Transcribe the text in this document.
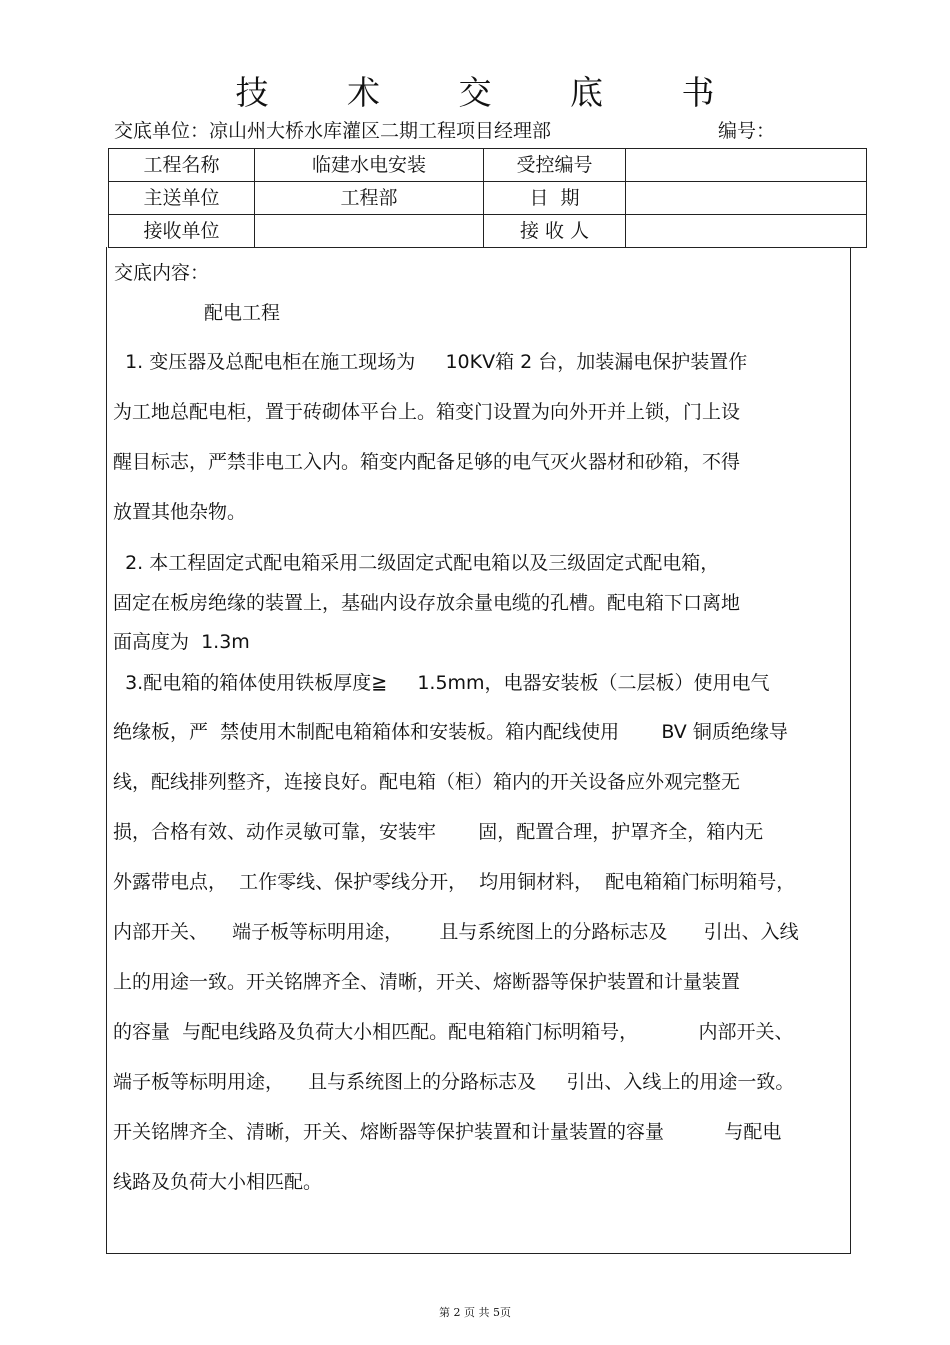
技 术 交 底 书
交底单位：凉山州大桥水库灌区二期工程项目经理部	编号：
工程名称	临建水电安装	受控编号	
主送单位	工程部	日  期	
接收单位		接 收 人	
交底内容：
配电工程
1. 变压器及总配电柜在施工现场为     10KV箱 2 台，加装漏电保护装置作
为工地总配电柜，置于砖砌体平台上。箱变门设置为向外开并上锁，门上设
醒目标志，严禁非电工入内。箱变内配备足够的电气灭火器材和砂箱，不得
放置其他杂物。
2. 本工程固定式配电箱采用二级固定式配电箱以及三级固定式配电箱，
固定在板房绝缘的装置上，基础内设存放余量电缆的孔槽。配电箱下口离地
面高度为  1.3m
3.配电箱的箱体使用铁板厚度≧     1.5mm，电器安装板（二层板）使用电气
绝缘板，严  禁使用木制配电箱箱体和安装板。箱内配线使用       BV 铜质绝缘导
线，配线排列整齐，连接良好。配电箱（柜）箱内的开关设备应外观完整无
损，合格有效、动作灵敏可靠，安装牢       固，配置合理，护罩齐全，箱内无
外露带电点，  工作零线、保护零线分开，  均用铜材料，  配电箱箱门标明箱号，
内部开关、    端子板等标明用途，      且与系统图上的分路标志及      引出、入线
上的用途一致。开关铭牌齐全、清晰，开关、熔断器等保护装置和计量装置
的容量  与配电线路及负荷大小相匹配。配电箱箱门标明箱号，          内部开关、
端子板等标明用途，    且与系统图上的分路标志及     引出、入线上的用途一致。
开关铭牌齐全、清晰，开关、熔断器等保护装置和计量装置的容量          与配电
线路及负荷大小相匹配。
第 2 页 共 5页
